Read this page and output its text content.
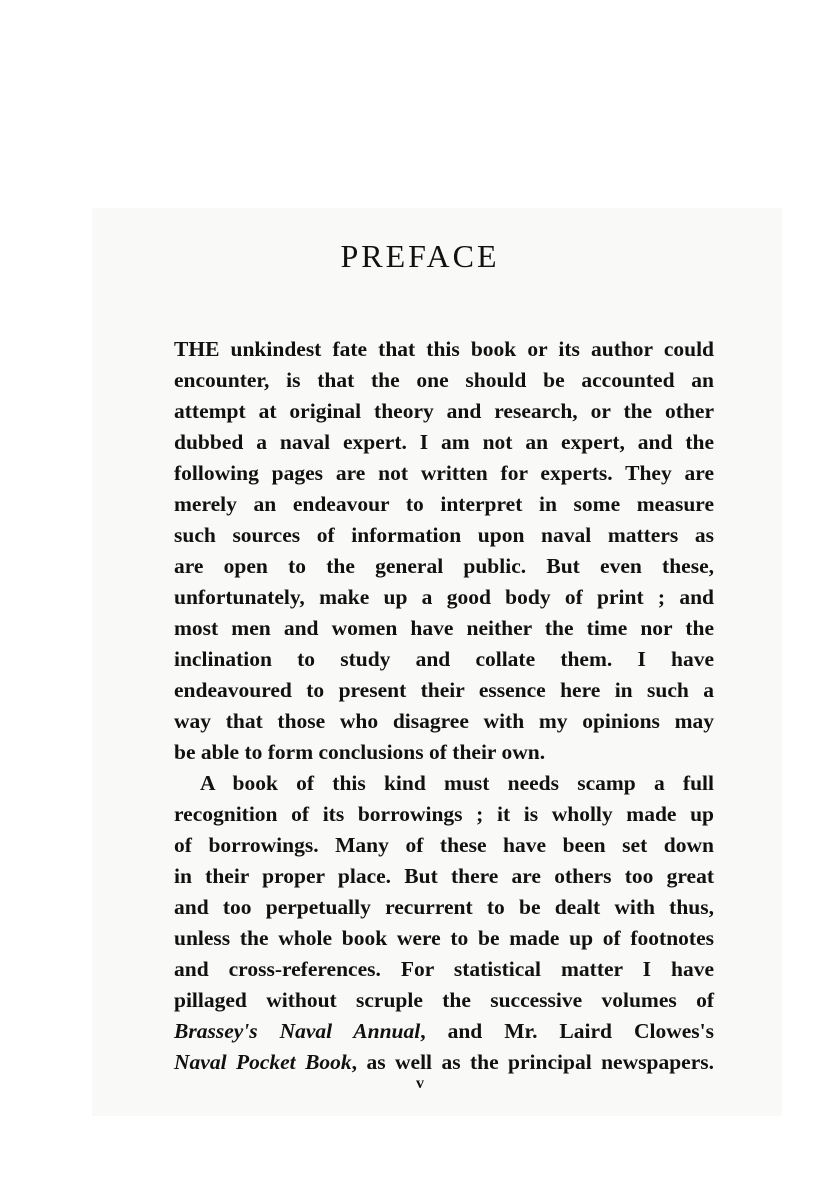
PREFACE
THE unkindest fate that this book or its author could
encounter, is that the one should be accounted an
attempt at original theory and research, or the other
dubbed a naval expert. I am not an expert, and the
following pages are not written for experts. They are
merely an endeavour to interpret in some measure
such sources of information upon naval matters as
are open to the general public. But even these,
unfortunately, make up a good body of print ; and
most men and women have neither the time nor the
inclination to study and collate them. I have
endeavoured to present their essence here in such a
way that those who disagree with my opinions may
be able to form conclusions of their own.
A book of this kind must needs scamp a full
recognition of its borrowings ; it is wholly made up
of borrowings. Many of these have been set down
in their proper place. But there are others too great
and too perpetually recurrent to be dealt with thus,
unless the whole book were to be made up of footnotes
and cross-references. For statistical matter I have
pillaged without scruple the successive volumes of
Brassey's Naval Annual, and Mr. Laird Clowes's
Naval Pocket Book, as well as the principal newspapers.
v
